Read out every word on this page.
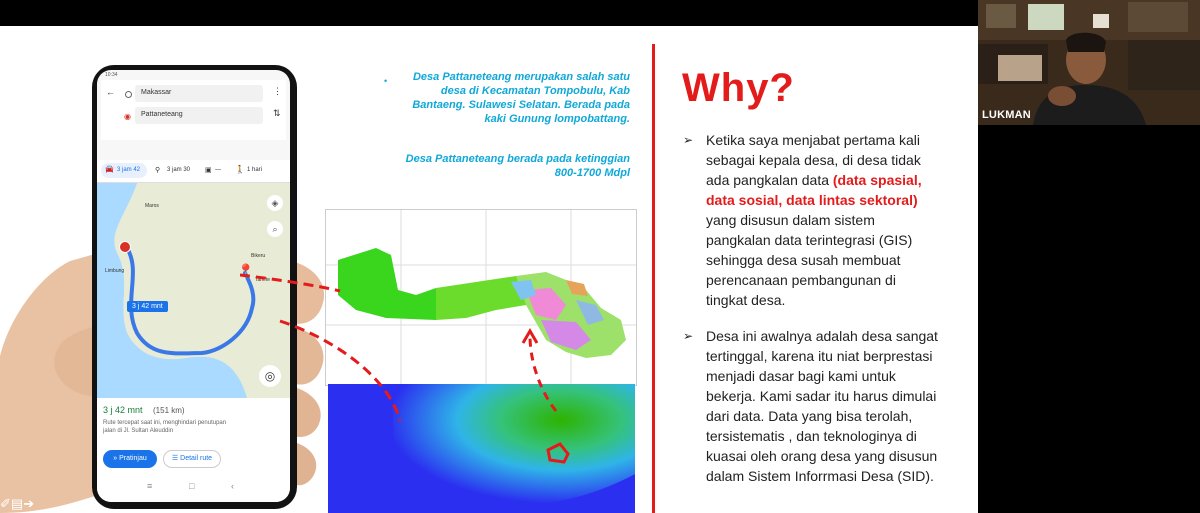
10:34
←	Makassar	⋮
◉ Pattaneteang	⇅
🚘 3 jam 42 ⚲ 3 jam 30 ▣ — 🚶 1 hari
Maros
Limbung
Bikeru
Tanete
📍
3 j 42 mnt
◈
⌕
◎
3 j 42 mnt (151 km)
Rute tercepat saat ini, menghindari penutupan
jalan di Jl. Sultan Aleuddin
» Pratinjau	☰ Detail rute
≡	□	‹
•	Desa Pattaneteang merupakan salah satu
desa di Kecamatan Tompobulu, Kab
Bantaeng. Sulawesi Selatan. Berada pada
kaki Gunung lompobattang.
Desa Pattaneteang berada pada ketinggian
800-1700 Mdpl
Why?
➢ Ketika saya menjabat pertama kali
sebagai kepala desa, di desa tidak
ada pangkalan data (data spasial,
data sosial, data lintas sektoral)
yang disusun dalam sistem
pangkalan data terintegrasi (GIS)
sehingga desa susah membuat
perencanaan pembangunan di
tingkat desa.
➢ Desa ini awalnya adalah desa sangat
tertinggal, karena itu niat berprestasi
menjadi dasar bagi kami untuk
bekerja. Kami sadar itu harus dimulai
dari data. Data yang bisa terolah,
tersistematis , dan teknologinya di
kuasai oleh orang desa yang disusun
dalam Sistem Inforrmasi Desa (SID).
LUKMAN
✐▤➔
